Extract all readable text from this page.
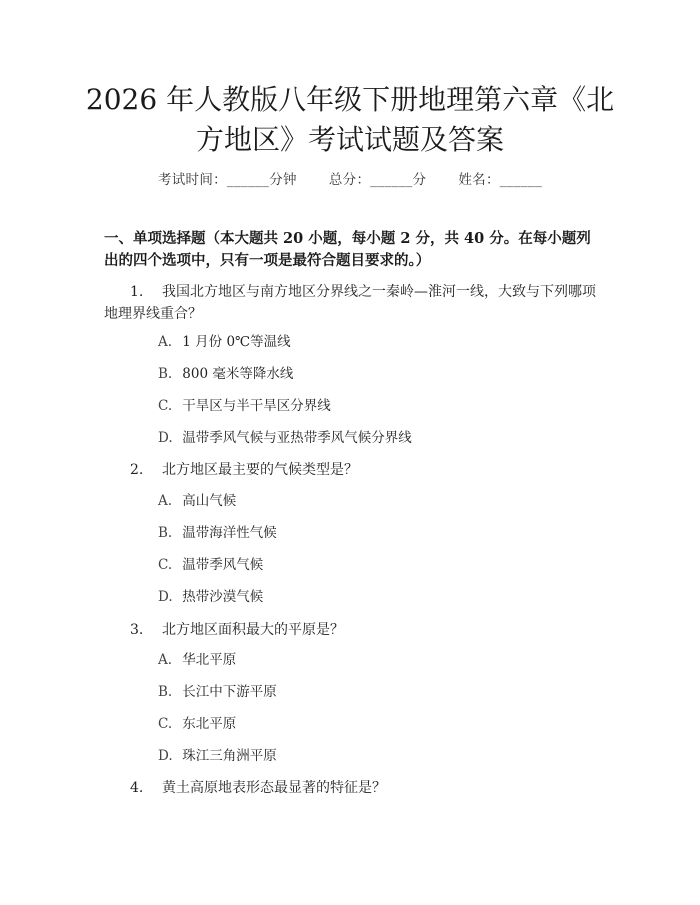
2026 年人教版八年级下册地理第六章《北方地区》考试试题及答案
考试时间：______分钟 总分：______分 姓名：______

一、单项选择题（本大题共 20 小题，每小题 2 分，共 40 分。在每小题列出的四个选项中，只有一项是最符合题目要求的。）

1. 我国北方地区与南方地区分界线之一秦岭—淮河一线，大致与下列哪项地理界线重合？

A. 1 月份 0℃等温线

B. 800 毫米等降水线

C. 干旱区与半干旱区分界线

D. 温带季风气候与亚热带季风气候分界线

2. 北方地区最主要的气候类型是？

A. 高山气候

B. 温带海洋性气候

C. 温带季风气候

D. 热带沙漠气候

3. 北方地区面积最大的平原是？

A. 华北平原

B. 长江中下游平原

C. 东北平原

D. 珠江三角洲平原

4. 黄土高原地表形态最显著的特征是？
